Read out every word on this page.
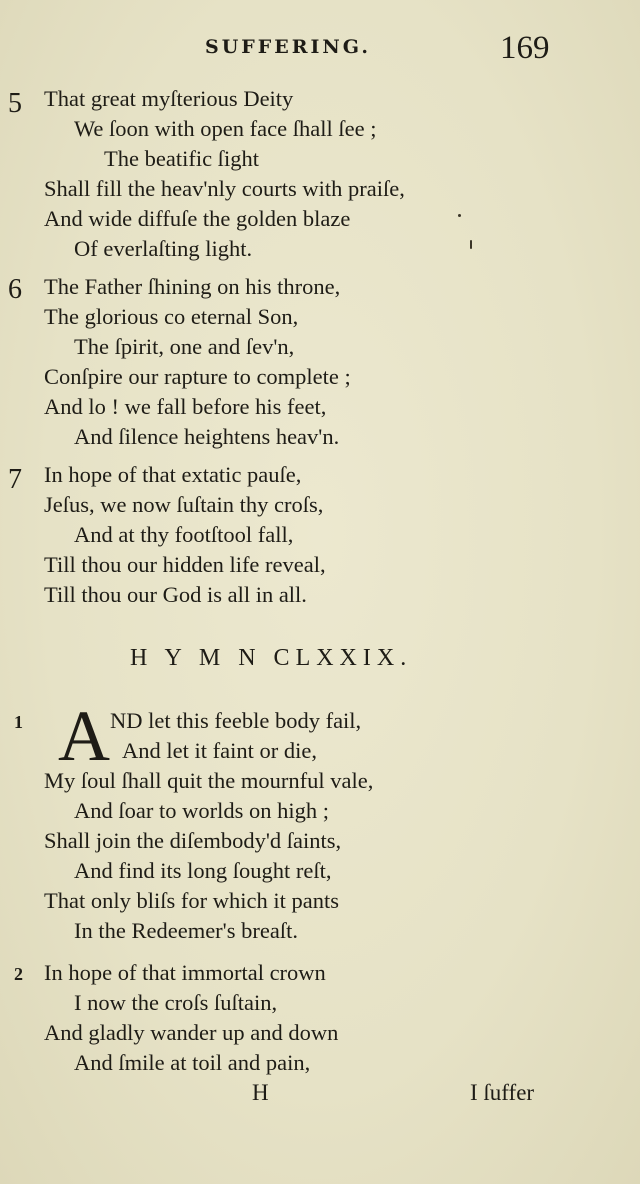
SUFFERING.	169
5 That great myſterious Deity
We ſoon with open face ſhall ſee ;
The beatific ſight
Shall fill the heav'nly courts with praiſe,
And wide diffuſe the golden blaze
Of everlaſting light.
6 The Father ſhining on his throne,
The glorious co eternal Son,
The ſpirit, one and ſev'n,
Conſpire our rapture to complete ;
And lo ! we fall before his feet,
And ſilence heightens heav'n.
7 In hope of that extatic pauſe,
Jeſus, we now ſuſtain thy croſs,
And at thy footſtool fall,
Till thou our hidden life reveal,
Till thou our God is all in all.
H Y M N CLXXIX.
A
1	ND let this feeble body fail,
And let it faint or die,
My ſoul ſhall quit the mournful vale,
And ſoar to worlds on high ;
Shall join the diſembody'd ſaints,
And find its long ſought reſt,
That only bliſs for which it pants
In the Redeemer's breaſt.
2 In hope of that immortal crown
I now the croſs ſuſtain,
And gladly wander up and down
And ſmile at toil and pain,
H	I ſuffer
